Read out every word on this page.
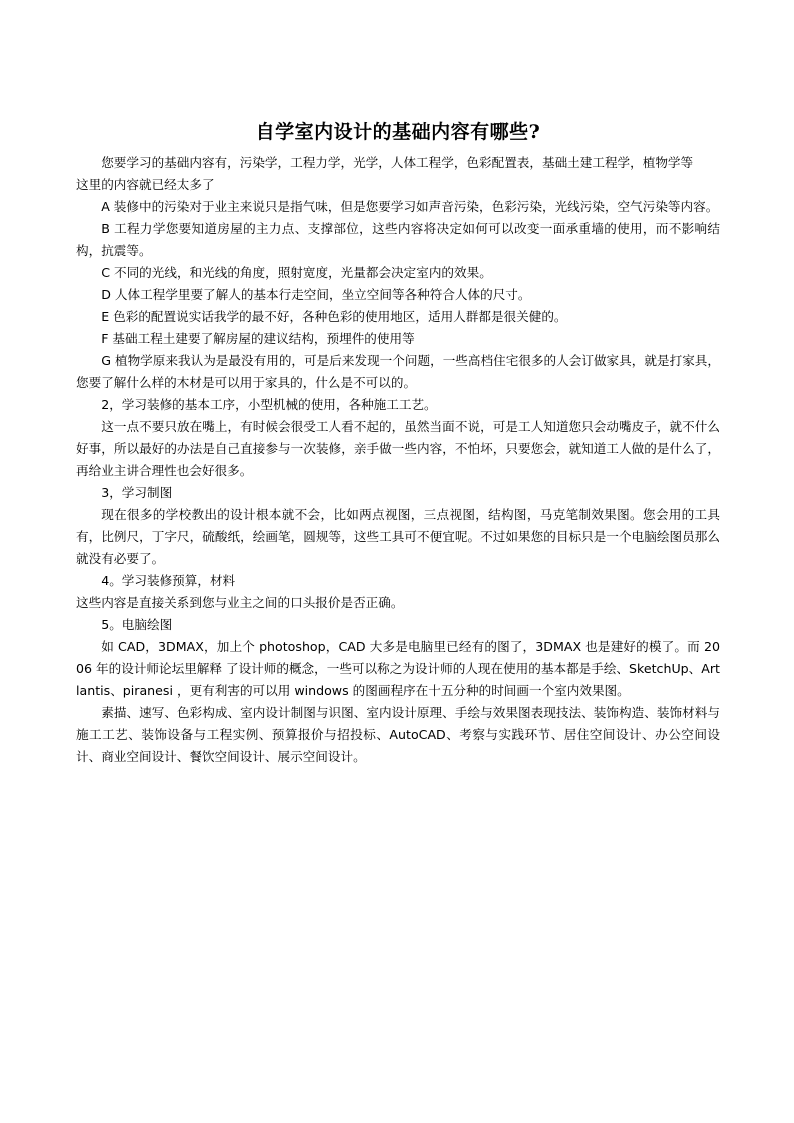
自学室内设计的基础内容有哪些?

您要学习的基础内容有，污染学，工程力学，光学，人体工程学，色彩配置表，基础土建工程学，植物学等

这里的内容就已经太多了

A 装修中的污染对于业主来说只是指气味，但是您要学习如声音污染，色彩污染，光线污染，空气污染等内容。

B 工程力学您要知道房屋的主力点、支撑部位，这些内容将决定如何可以改变一面承重墙的使用，而不影响结构，抗震等。

C 不同的光线，和光线的角度，照射宽度，光量都会决定室内的效果。

D 人体工程学里要了解人的基本行走空间，坐立空间等各种符合人体的尺寸。

E 色彩的配置说实话我学的最不好，各种色彩的使用地区，适用人群都是很关健的。

F 基础工程土建要了解房屋的建议结构，预埋件的使用等

G 植物学原来我认为是最没有用的，可是后来发现一个问题，一些高档住宅很多的人会订做家具，就是打家具，您要了解什么样的木材是可以用于家具的，什么是不可以的。

2，学习装修的基本工序，小型机械的使用，各种施工工艺。

这一点不要只放在嘴上，有时候会很受工人看不起的，虽然当面不说，可是工人知道您只会动嘴皮子，就不什么好事，所以最好的办法是自己直接参与一次装修，亲手做一些内容，不怕坏，只要您会，就知道工人做的是什么了，再给业主讲合理性也会好很多。

3，学习制图

现在很多的学校教出的设计根本就不会，比如两点视图，三点视图，结构图，马克笔制效果图。您会用的工具有，比例尺，丁字尺，硫酸纸，绘画笔，圆规等，这些工具可不便宜呢。不过如果您的目标只是一个电脑绘图员那么就没有必要了。

4。学习装修预算，材料

这些内容是直接关系到您与业主之间的口头报价是否正确。

5。电脑绘图

如 CAD，3DMAX，加上个 photoshop，CAD 大多是电脑里已经有的图了，3DMAX 也是建好的模了。而 2006 年的设计师论坛里解释 了设计师的概念，一些可以称之为设计师的人现在使用的基本都是手绘、SketchUp、Artlantis、piranesi ，更有利害的可以用 windows 的图画程序在十五分种的时间画一个室内效果图。

素描、速写、色彩构成、室内设计制图与识图、室内设计原理、手绘与效果图表现技法、装饰构造、装饰材料与施工工艺、装饰设备与工程实例、预算报价与招投标、AutoCAD、考察与实践环节、居住空间设计、办公空间设计、商业空间设计、餐饮空间设计、展示空间设计。
